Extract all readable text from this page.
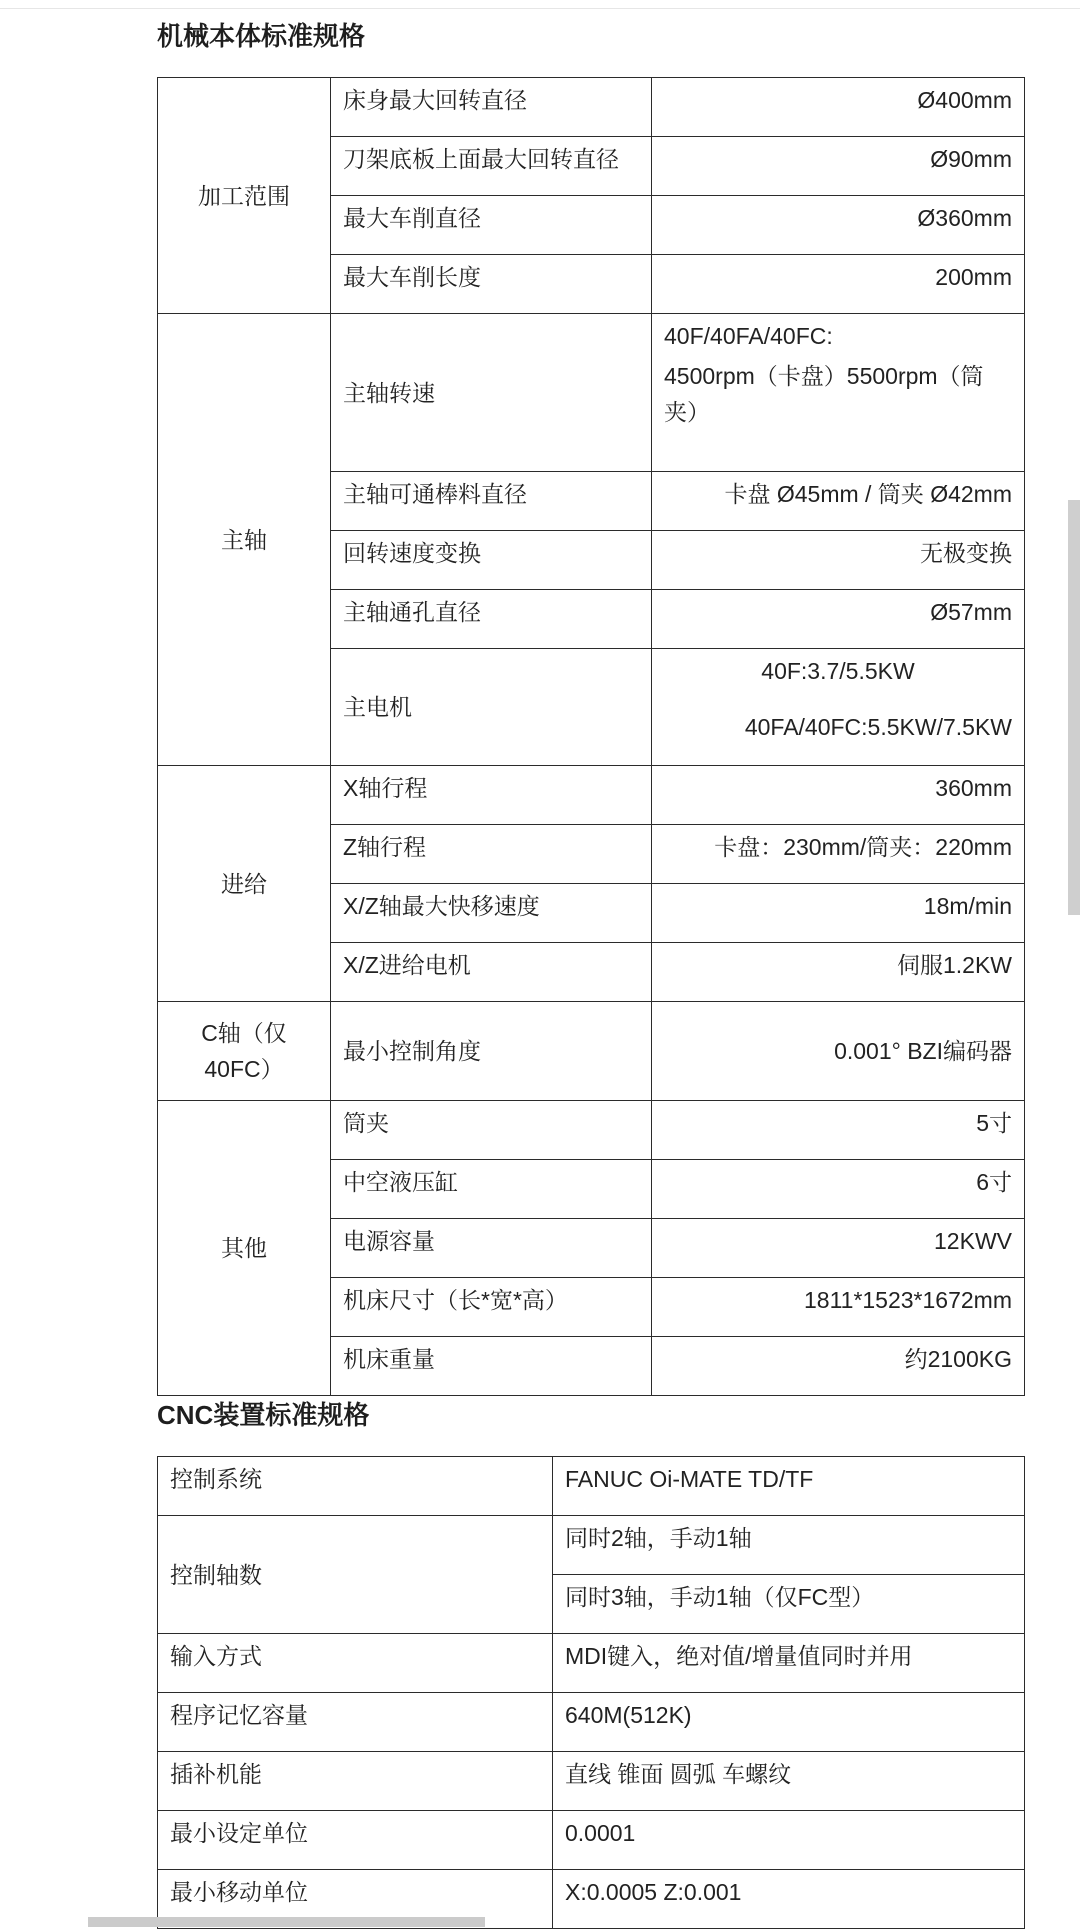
机械本体标准规格
加工范围	床身最大回转直径	Ø400mm
	刀架底板上面最大回转直径	Ø90mm
	最大车削直径	Ø360mm
	最大车削长度	200mm
主轴	主轴转速	40F/40FA/40FC:
4500rpm（卡盘）5500rpm（筒夹）

	主轴可通棒料直径	卡盘 Ø45mm / 筒夹 Ø42mm
	回转速度变换	无极变换
	主轴通孔直径	Ø57mm
	主电机	40F:3.7/5.5KW
40FA/40FC:5.5KW/7.5KW

进给	X轴行程	360mm
	Z轴行程	卡盘：230mm/筒夹：220mm
	X/Z轴最大快移速度	18m/min
	X/Z进给电机	伺服1.2KW
C轴（仅40FC）	最小控制角度	0.001° BZI编码器
其他	筒夹	5寸
	中空液压缸	6寸
	电源容量	12KWV
	机床尺寸（长*宽*高）	1811*1523*1672mm
	机床重量	约2100KG
CNC装置标准规格
控制系统	FANUC Oi-MATE TD/TF
控制轴数	同时2轴，手动1轴
	同时3轴，手动1轴（仅FC型）
输入方式	MDI键入，绝对值/增量值同时并用
程序记忆容量	640M(512K)
插补机能	直线 锥面 圆弧 车螺纹
最小设定单位	0.0001
最小移动单位	X:0.0005 Z:0.001
